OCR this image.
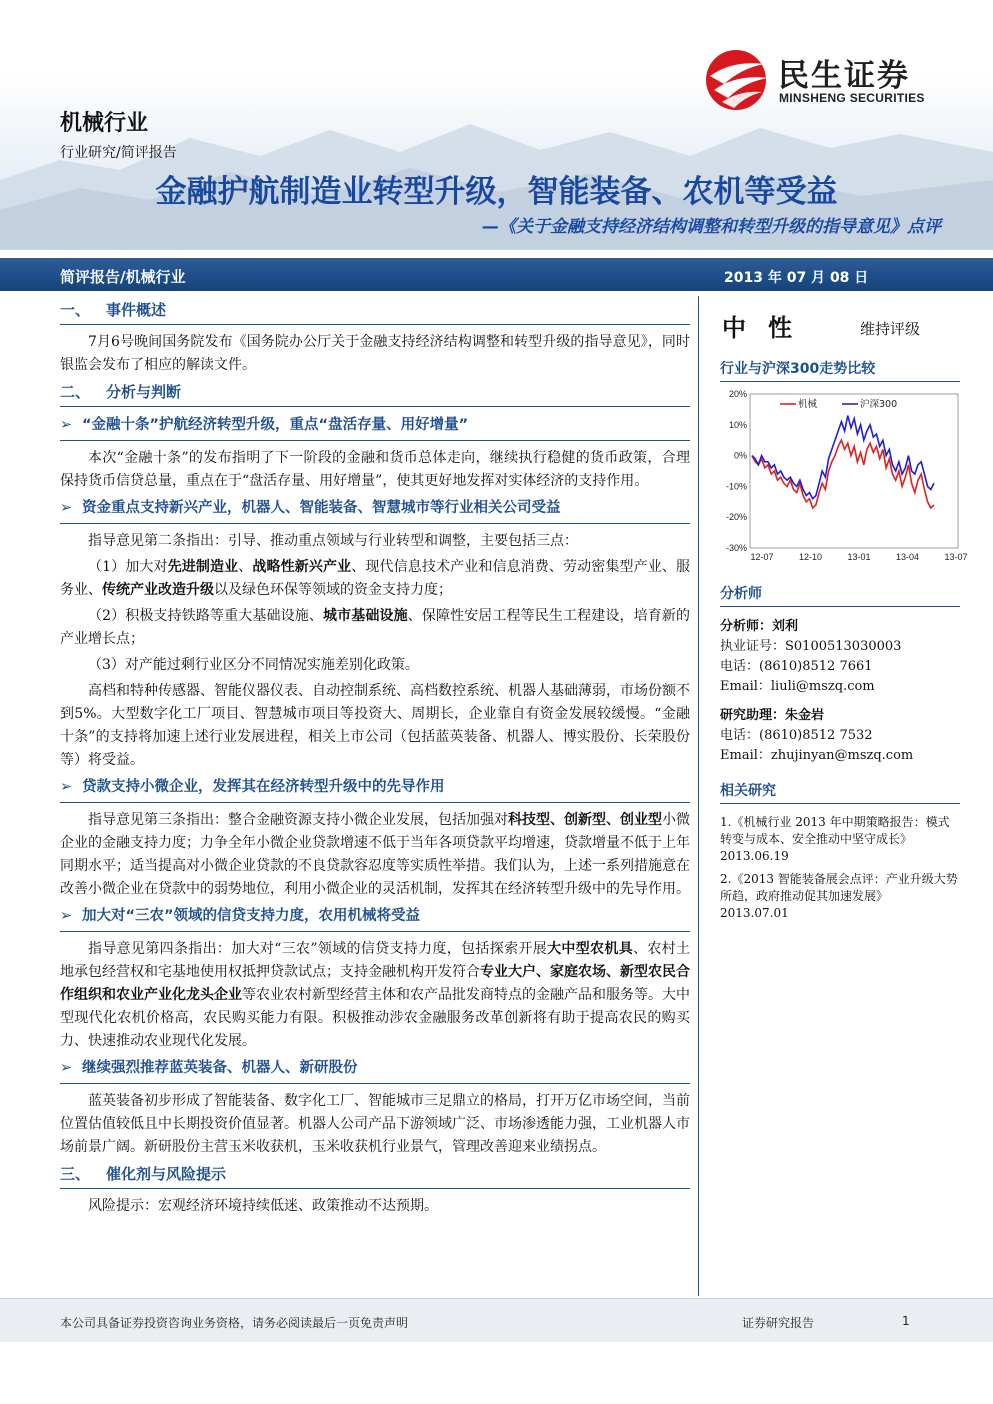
民生证券
MINSHENG SECURITIES
机械行业
行业研究/简评报告
金融护航制造业转型升级，智能装备、农机等受益
—《关于金融支持经济结构调整和转型升级的指导意见》点评
简评报告/机械行业	2013 年 07 月 08 日
一、 事件概述

7月6号晚间国务院发布《国务院办公厅关于金融支持经济结构调整和转型升级的指导意见》，同时银监会发布了相应的解读文件。

二、 分析与判断
➢ “金融十条”护航经济转型升级，重点“盘活存量、用好增量”

本次“金融十条”的发布指明了下一阶段的金融和货币总体走向，继续执行稳健的货币政策，合理保持货币信贷总量，重点在于“盘活存量、用好增量”，使其更好地发挥对实体经济的支持作用。

➢ 资金重点支持新兴产业，机器人、智能装备、智慧城市等行业相关公司受益

指导意见第二条指出：引导、推动重点领域与行业转型和调整，主要包括三点：

（1）加大对先进制造业、战略性新兴产业、现代信息技术产业和信息消费、劳动密集型产业、服务业、传统产业改造升级以及绿色环保等领域的资金支持力度；

（2）积极支持铁路等重大基础设施、城市基础设施、保障性安居工程等民生工程建设，培育新的产业增长点；

（3）对产能过剩行业区分不同情况实施差别化政策。

高档和特种传感器、智能仪器仪表、自动控制系统、高档数控系统、机器人基础薄弱，市场份额不到5%。大型数字化工厂项目、智慧城市项目等投资大、周期长，企业靠自有资金发展较缓慢。“金融十条”的支持将加速上述行业发展进程，相关上市公司（包括蓝英装备、机器人、博实股份、长荣股份等）将受益。

➢ 贷款支持小微企业，发挥其在经济转型升级中的先导作用

指导意见第三条指出：整合金融资源支持小微企业发展，包括加强对科技型、创新型、创业型小微企业的金融支持力度；力争全年小微企业贷款增速不低于当年各项贷款平均增速，贷款增量不低于上年同期水平；适当提高对小微企业贷款的不良贷款容忍度等实质性举措。我们认为，上述一系列措施意在改善小微企业在贷款中的弱势地位，利用小微企业的灵活机制，发挥其在经济转型升级中的先导作用。

➢ 加大对“三农”领域的信贷支持力度，农用机械将受益

指导意见第四条指出：加大对“三农”领域的信贷支持力度，包括探索开展大中型农机具、农村土地承包经营权和宅基地使用权抵押贷款试点；支持金融机构开发符合专业大户、家庭农场、新型农民合作组织和农业产业化龙头企业等农业农村新型经营主体和农产品批发商特点的金融产品和服务等。大中型现代化农机价格高，农民购买能力有限。积极推动涉农金融服务改革创新将有助于提高农民的购买力、快速推动农业现代化发展。

➢ 继续强烈推荐蓝英装备、机器人、新研股份

蓝英装备初步形成了智能装备、数字化工厂、智能城市三足鼎立的格局，打开万亿市场空间，当前位置估值较低且中长期投资价值显著。机器人公司产品下游领域广泛、市场渗透能力强，工业机器人市场前景广阔。新研股份主营玉米收获机，玉米收获机行业景气，管理改善迎来业绩拐点。

三、 催化剂与风险提示

风险提示：宏观经济环境持续低迷、政策推动不达预期。

中性	维持评级
行业与沪深300走势比较
20%
10%
0%
-10%
-20%
-30%
12-07	12-10	13-01	13-04	13-07
机械	沪深300
分析师
分析师：刘利
执业证号：S0100513030003
电话：(8610)8512 7661
Email：liuli@mszq.com
研究助理：朱金岩
电话：(8610)8512 7532
Email：zhujinyan@mszq.com
相关研究
1.《机械行业 2013 年中期策略报告：模式转变与成本、安全推动中坚守成长》
2013.06.19
2.《2013 智能装备展会点评：产业升级大势所趋，政府推动促其加速发展》
2013.07.01
本公司具备证券投资咨询业务资格，请务必阅读最后一页免责声明	证券研究报告	1
